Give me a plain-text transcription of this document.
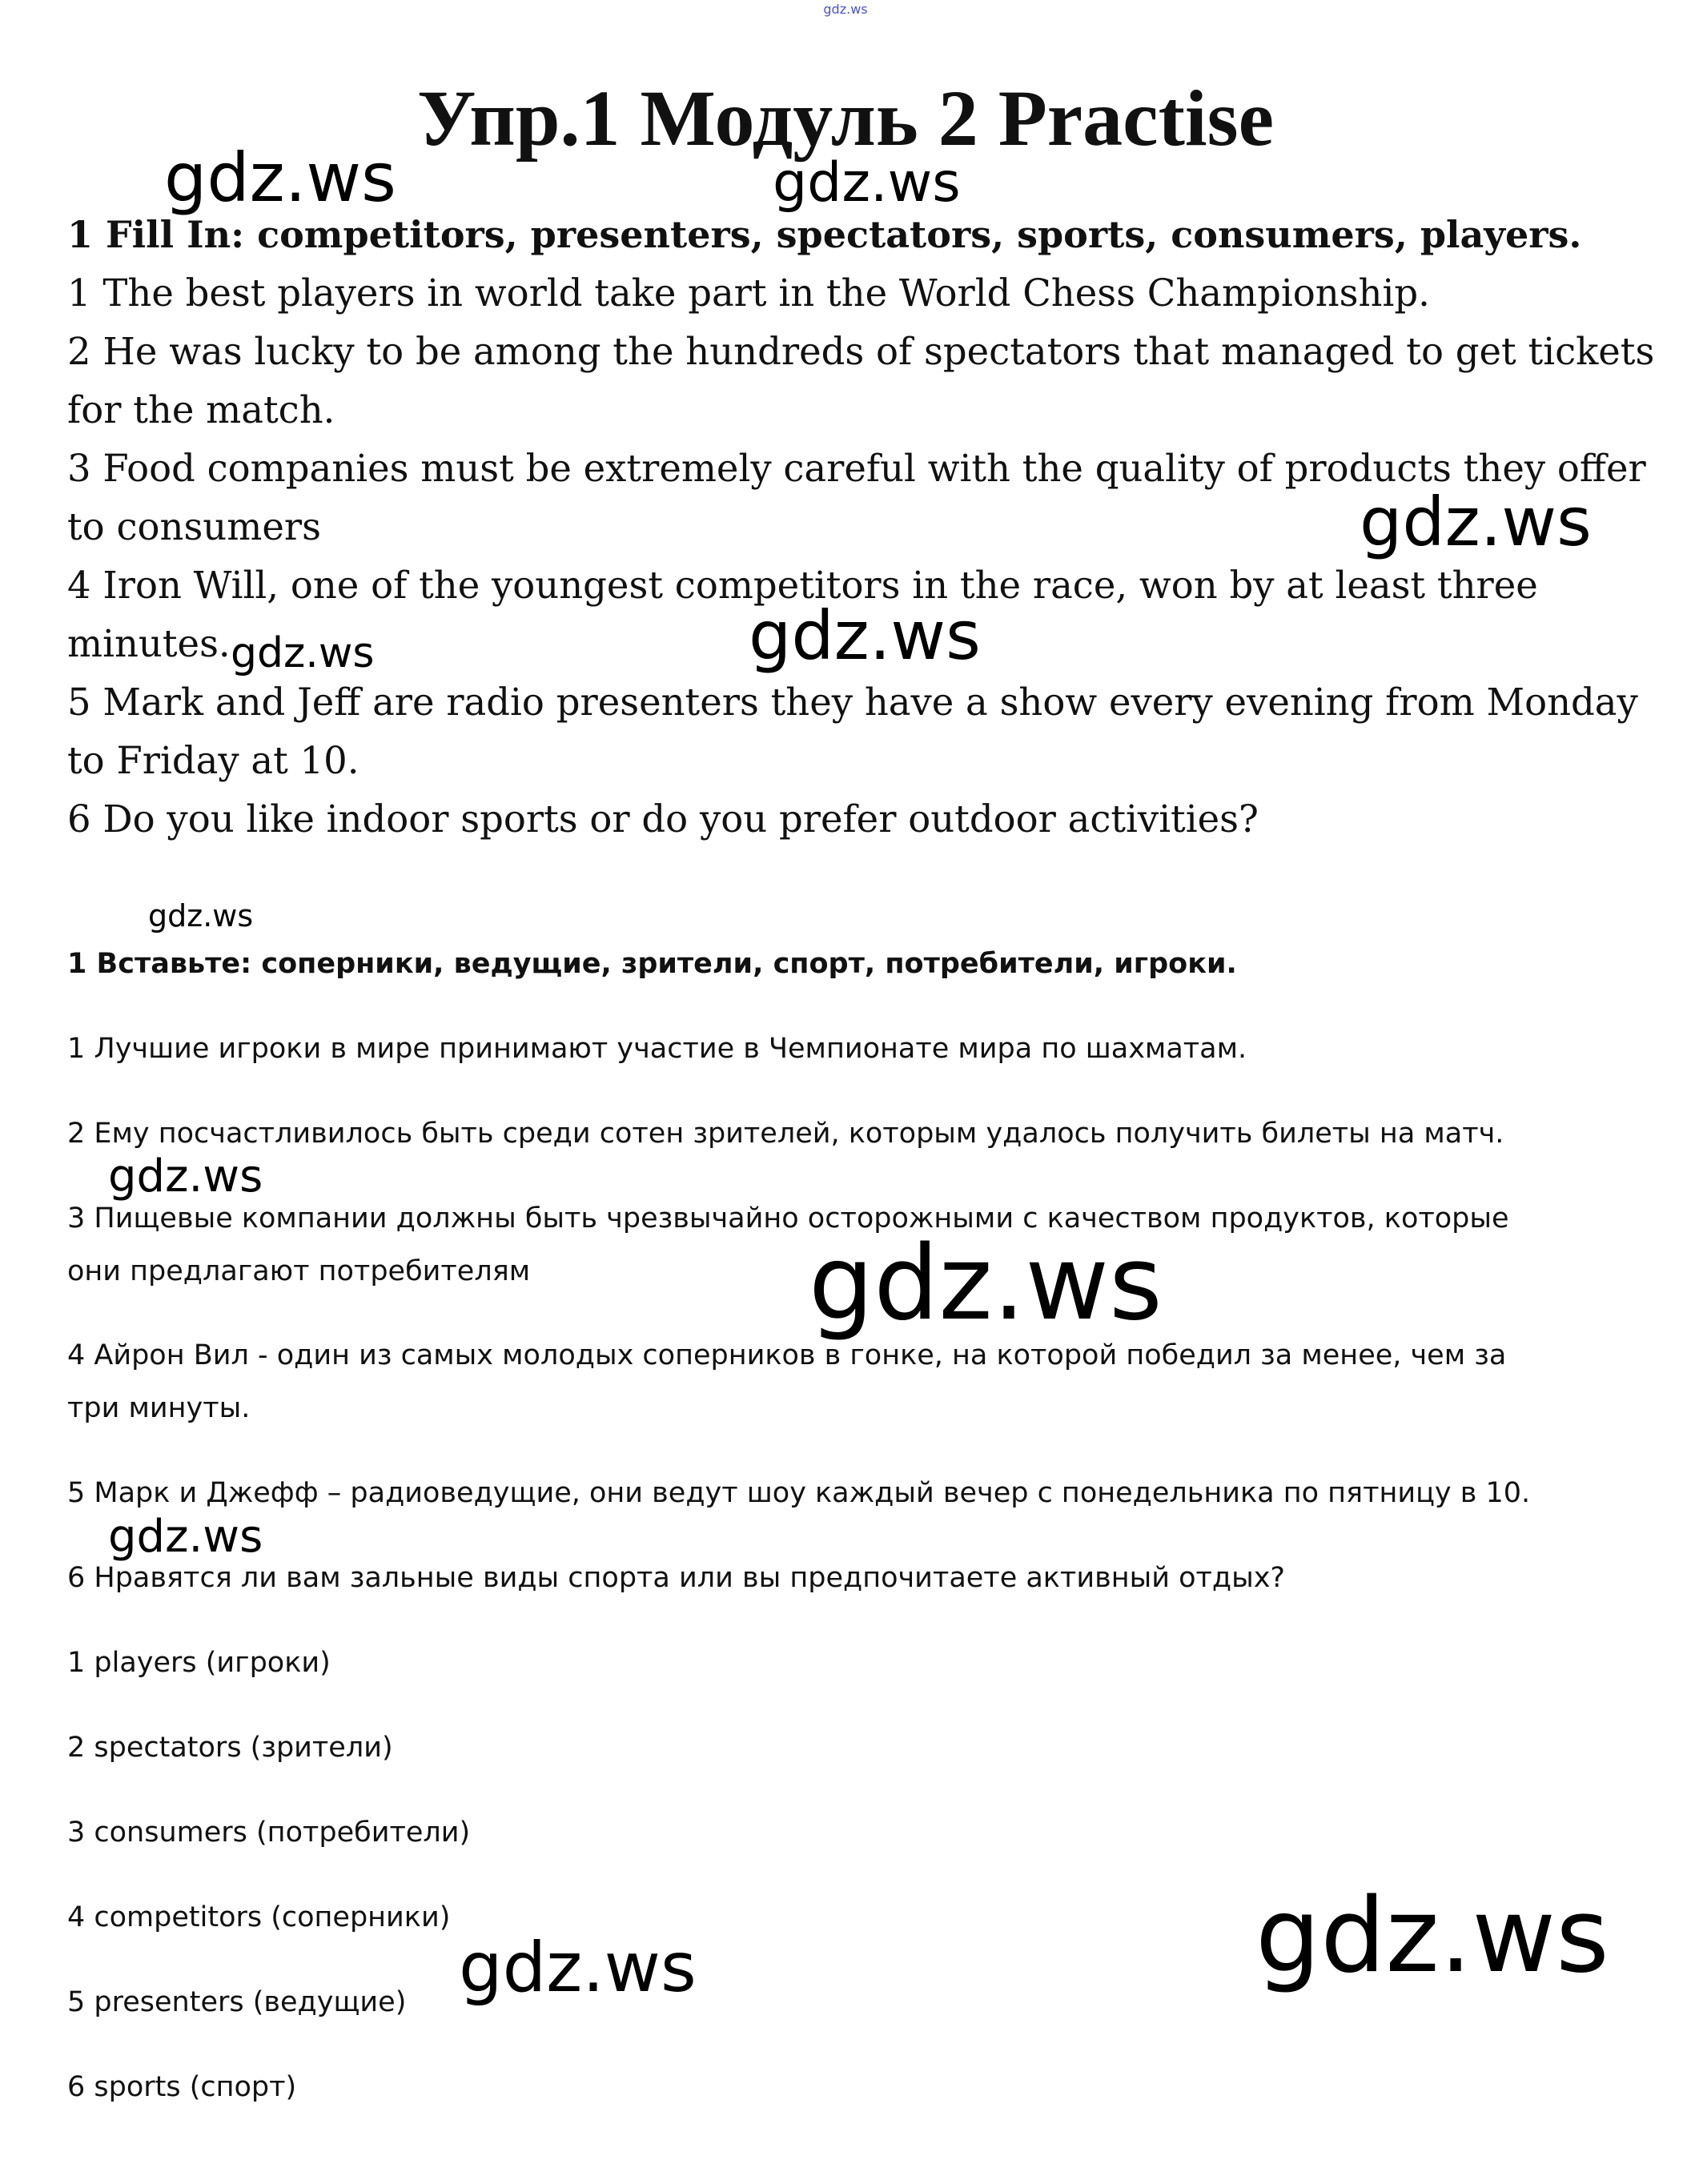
gdz.ws
Упр.1 Модуль 2 Practise
1 Fill In: competitors, presenters, spectators, sports, consumers, players.
1 The best players in world take part in the World Chess Championship.
2 He was lucky to be among the hundreds of spectators that managed to get tickets
for the match.
3 Food companies must be extremely careful with the quality of products they offer
to consumers
4 Iron Will, one of the youngest competitors in the race, won by at least three
minutes.
5 Mark and Jeff are radio presenters they have a show every evening from Monday
to Friday at 10.
6 Do you like indoor sports or do you prefer outdoor activities?
1 Вставьте: соперники, ведущие, зрители, спорт, потребители, игроки.
1 Лучшие игроки в мире принимают участие в Чемпионате мира по шахматам.
2 Ему посчастливилось быть среди сотен зрителей, которым удалось получить билеты на матч.
3 Пищевые компании должны быть чрезвычайно осторожными с качеством продуктов, которые
они предлагают потребителям
4 Айрон Вил - один из самых молодых соперников в гонке, на которой победил за менее, чем за
три минуты.
5 Марк и Джефф – радиоведущие, они ведут шоу каждый вечер с понедельника по пятницу в 10.
6 Нравятся ли вам зальные виды спорта или вы предпочитаете активный отдых?
1 players (игроки)
2 spectators (зрители)
3 consumers (потребители)
4 competitors (соперники)
5 presenters (ведущие)
6 sports (спорт)
gdz.ws	gdz.ws
gdz.ws
gdz.ws
gdz.ws
gdz.ws
gdz.ws
gdz.ws
gdz.ws
gdz.ws	gdz.ws
